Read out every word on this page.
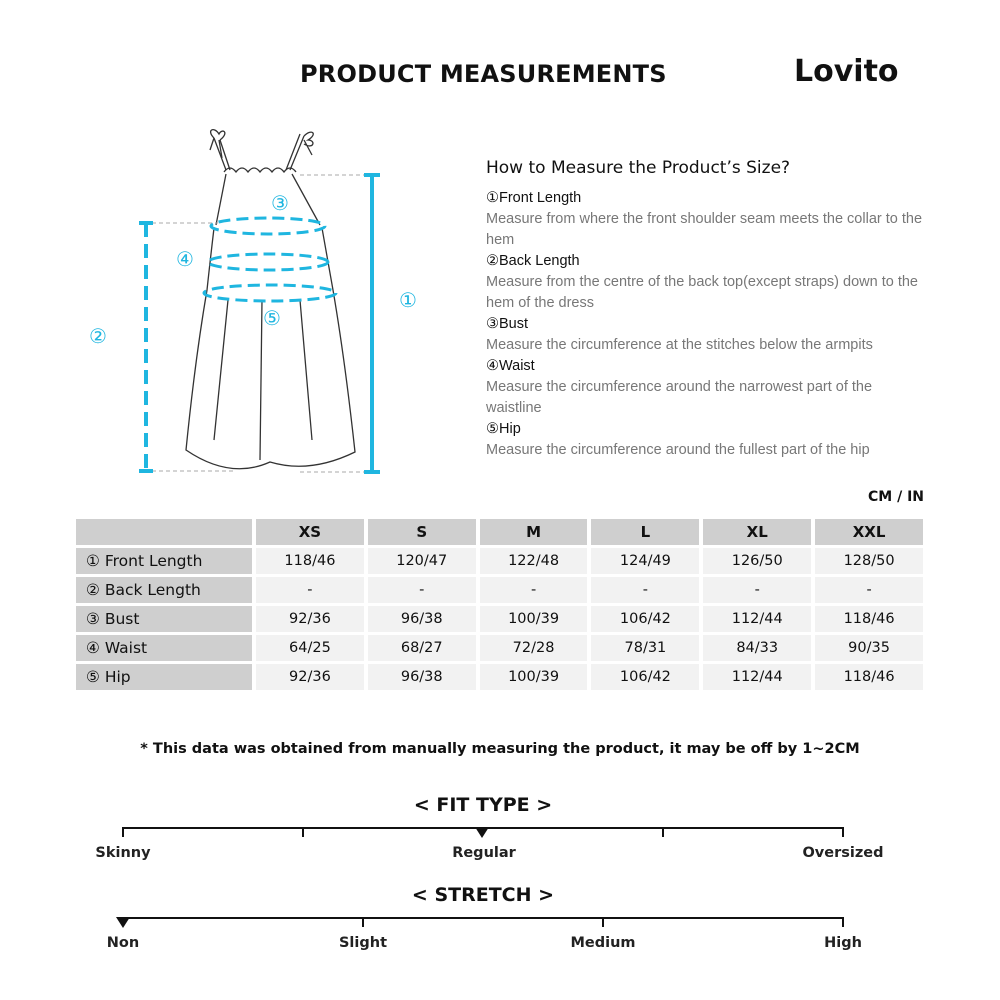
PRODUCT MEASUREMENTS	Lovito
①
②
③
④
⑤
How to Measure the Product’s Size?
①Front Length
Measure from where the front shoulder seam meets the collar to the hem
②Back Length
Measure from the centre of the back top(except straps) down to the hem of the dress
③Bust
Measure the circumference at the stitches below the armpits
④Waist
Measure the circumference around the narrowest part of the waistline
⑤Hip
Measure the circumference around the fullest part of the hip
CM / IN
	XS	S	M	L	XL	XXL
① Front Length	118/46	120/47	122/48	124/49	126/50	128/50
② Back Length	-	-	-	-	-	-
③ Bust	92/36	96/38	100/39	106/42	112/44	118/46
④ Waist	64/25	68/27	72/28	78/31	84/33	90/35
⑤ Hip	92/36	96/38	100/39	106/42	112/44	118/46
* This data was obtained from manually measuring the product, it may be off by 1~2CM
< FIT TYPE >
Skinny	Regular	Oversized
< STRETCH >
Non	Slight	Medium	High
